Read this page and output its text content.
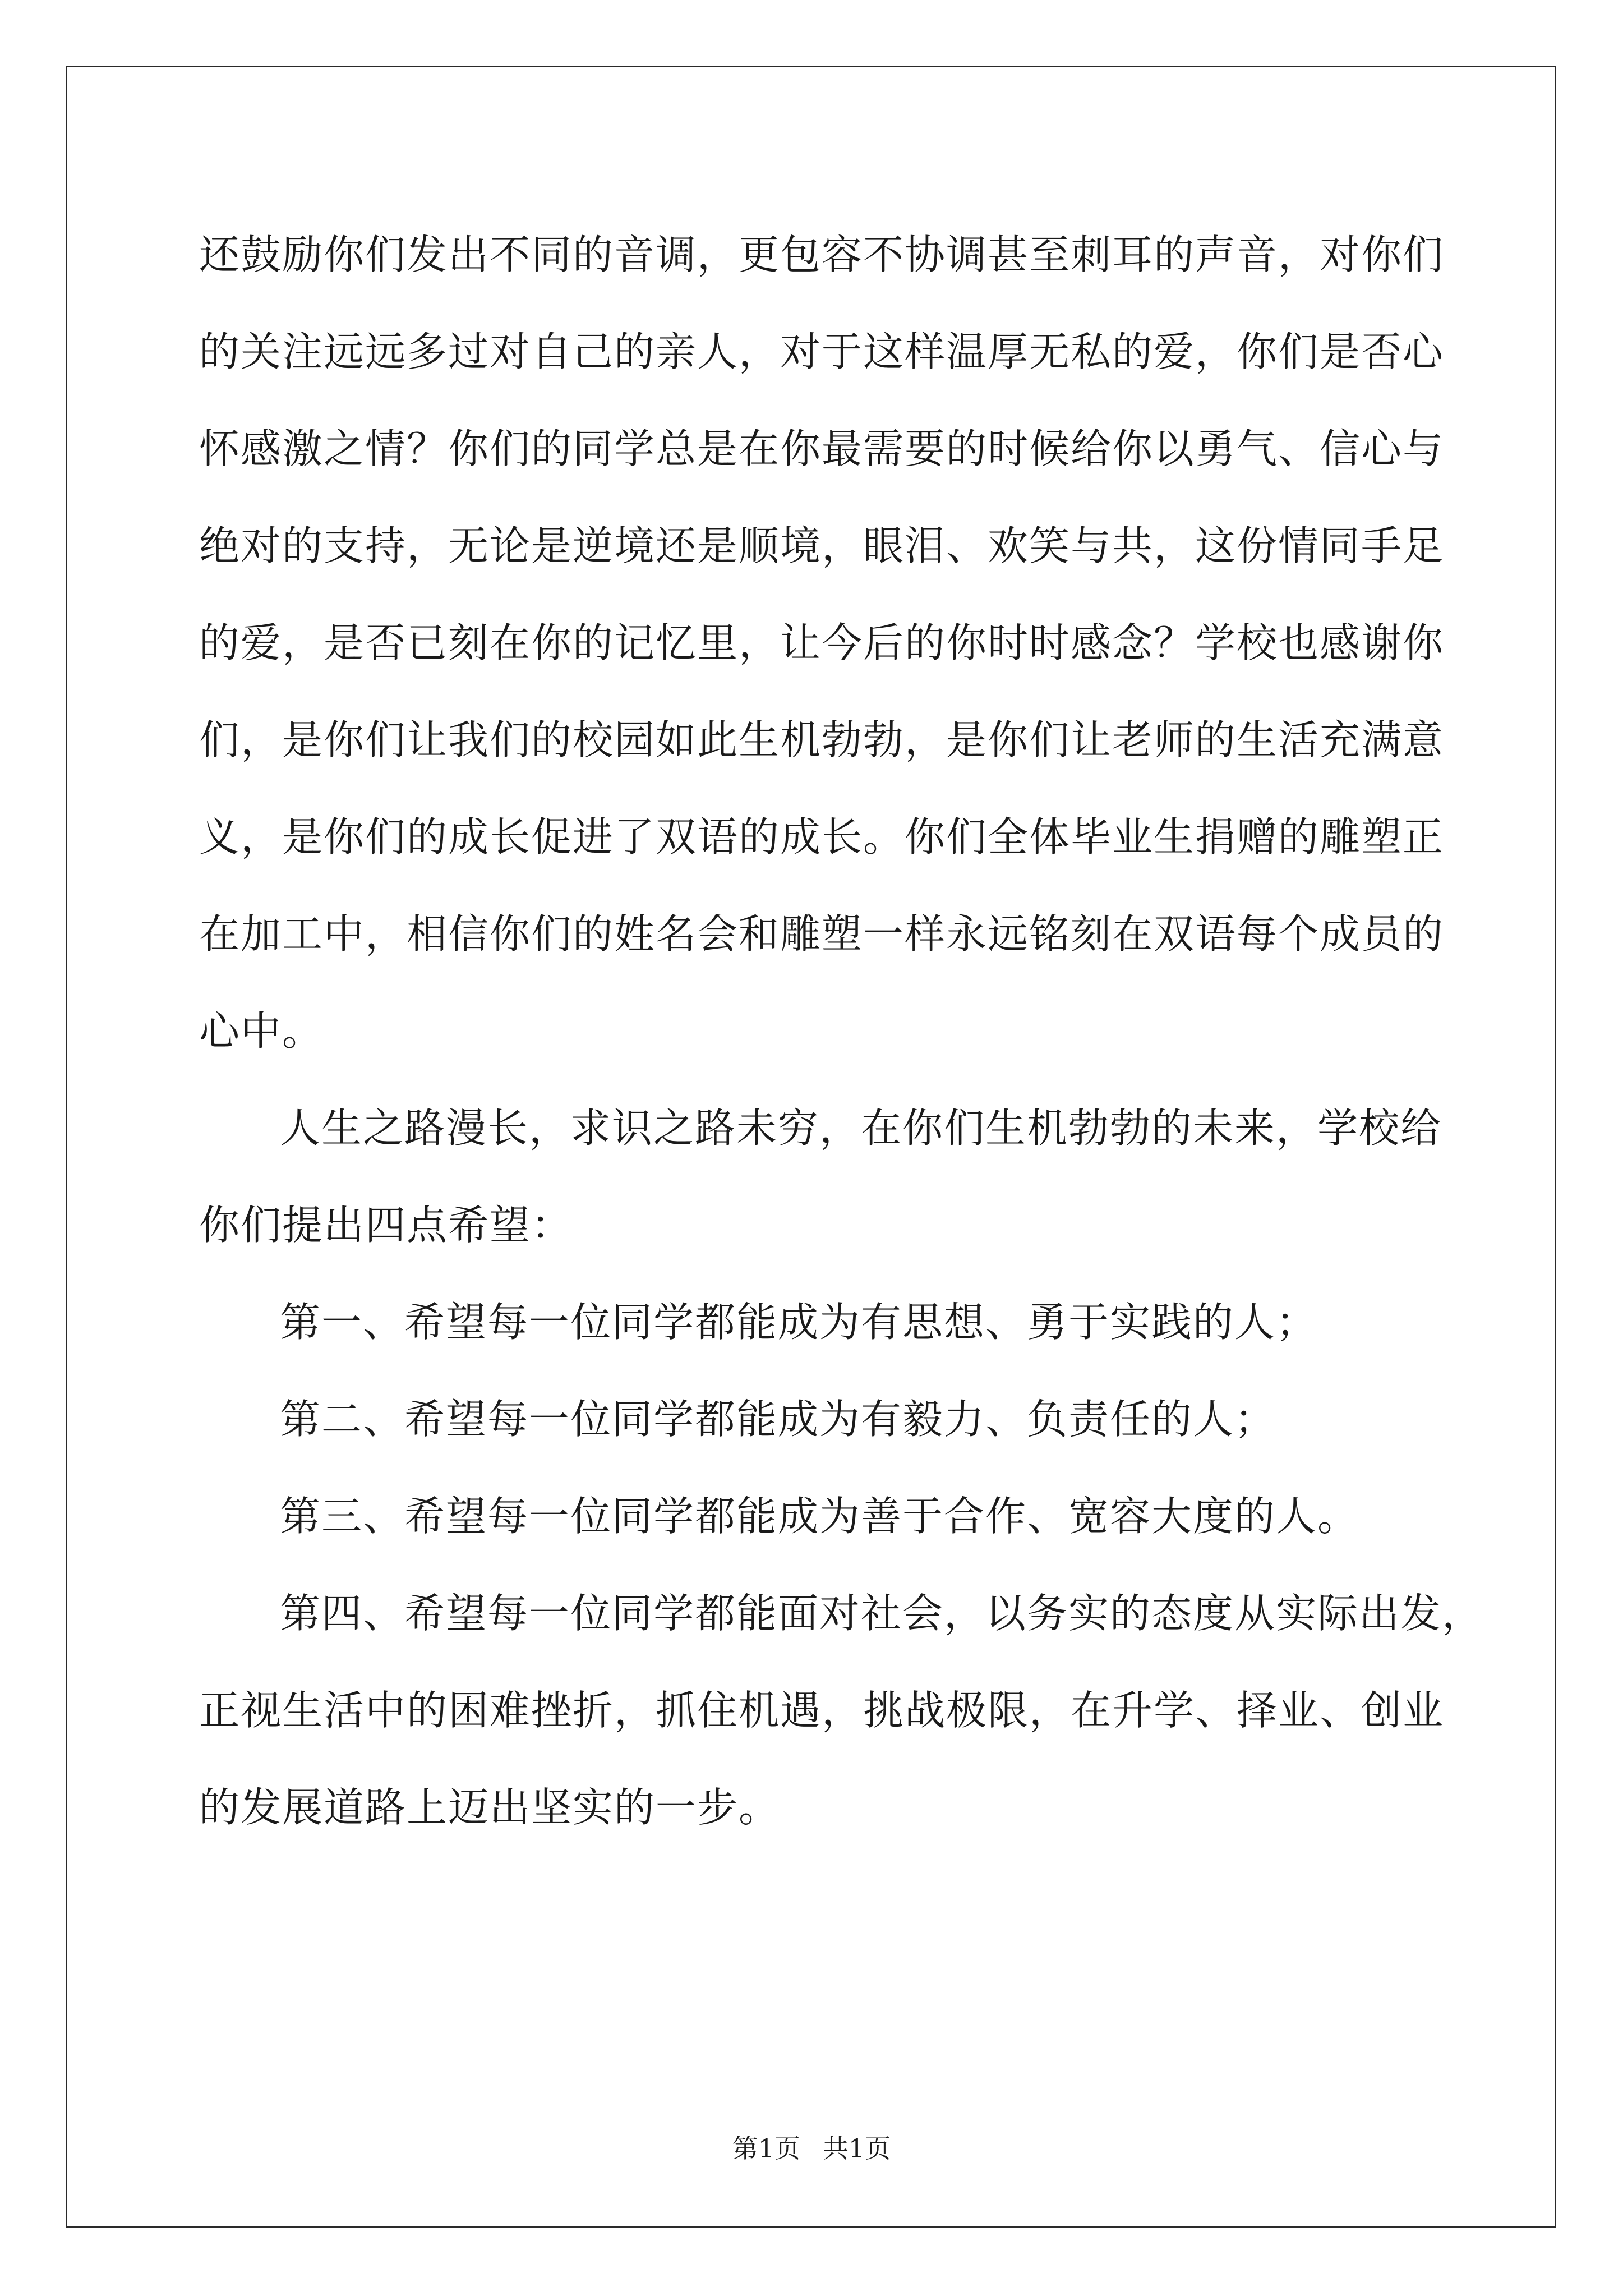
还鼓励你们发出不同的音调，更包容不协调甚至刺耳的声音，对你们
的关注远远多过对自己的亲人，对于这样温厚无私的爱，你们是否心
怀感激之情？你们的同学总是在你最需要的时候给你以勇气、信心与
绝对的支持，无论是逆境还是顺境，眼泪、欢笑与共，这份情同手足
的爱，是否已刻在你的记忆里，让今后的你时时感念？学校也感谢你
们，是你们让我们的校园如此生机勃勃，是你们让老师的生活充满意
义，是你们的成长促进了双语的成长。你们全体毕业生捐赠的雕塑正
在加工中，相信你们的姓名会和雕塑一样永远铭刻在双语每个成员的
心中。

人生之路漫长，求识之路未穷，在你们生机勃勃的未来，学校给
你们提出四点希望：

第一、希望每一位同学都能成为有思想、勇于实践的人；

第二、希望每一位同学都能成为有毅力、负责任的人；

第三、希望每一位同学都能成为善于合作、宽容大度的人。

第四、希望每一位同学都能面对社会，以务实的态度从实际出发，
正视生活中的困难挫折，抓住机遇，挑战极限，在升学、择业、创业
的发展道路上迈出坚实的一步。

第1页 共1页
